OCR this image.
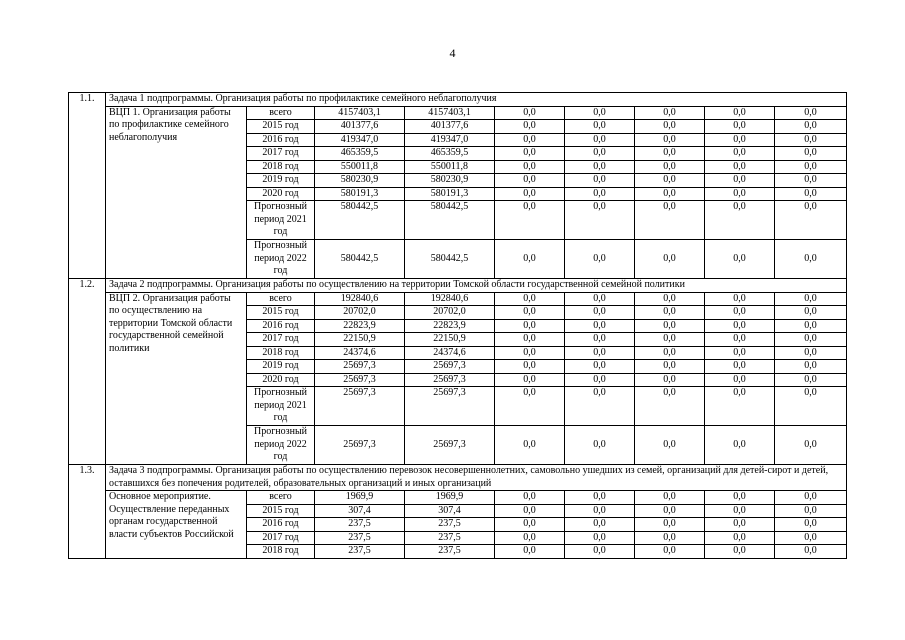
4
1.1.	Задача 1 подпрограммы. Организация работы по профилактике семейного неблагополучия								
	ВЦП 1. Организация работы по профилактике семейного неблагополучия	всего	4157403,1	4157403,1	0,0	0,0	0,0	0,0	0,0
		2015 год	401377,6	401377,6	0,0	0,0	0,0	0,0	0,0
		2016 год	419347,0	419347,0	0,0	0,0	0,0	0,0	0,0
		2017 год	465359,5	465359,5	0,0	0,0	0,0	0,0	0,0
		2018 год	550011,8	550011,8	0,0	0,0	0,0	0,0	0,0
		2019 год	580230,9	580230,9	0,0	0,0	0,0	0,0	0,0
		2020 год	580191,3	580191,3	0,0	0,0	0,0	0,0	0,0
		Прогнозный период 2021 год	580442,5	580442,5	0,0	0,0	0,0	0,0	0,0
		Прогнозный период 2022 год	580442,5	580442,5	0,0	0,0	0,0	0,0	0,0
1.2.	Задача 2 подпрограммы. Организация работы по осуществлению на территории Томской области государственной семейной политики								
	ВЦП 2. Организация работы по осуществлению на территории Томской области государственной семейной политики	всего	192840,6	192840,6	0,0	0,0	0,0	0,0	0,0
		2015 год	20702,0	20702,0	0,0	0,0	0,0	0,0	0,0
		2016 год	22823,9	22823,9	0,0	0,0	0,0	0,0	0,0
		2017 год	22150,9	22150,9	0,0	0,0	0,0	0,0	0,0
		2018 год	24374,6	24374,6	0,0	0,0	0,0	0,0	0,0
		2019 год	25697,3	25697,3	0,0	0,0	0,0	0,0	0,0
		2020 год	25697,3	25697,3	0,0	0,0	0,0	0,0	0,0
		Прогнозный период 2021 год	25697,3	25697,3	0,0	0,0	0,0	0,0	0,0
		Прогнозный период 2022 год	25697,3	25697,3	0,0	0,0	0,0	0,0	0,0
1.3.	Задача 3 подпрограммы. Организация работы по осуществлению перевозок несовершеннолетних, самовольно ушедших из семей, организаций для детей-сирот и детей, оставшихся без попечения родителей, образовательных организаций и иных организаций								
	Основное мероприятие. Осуществление переданных органам государственной власти субъектов Российской	всего	1969,9	1969,9	0,0	0,0	0,0	0,0	0,0
		2015 год	307,4	307,4	0,0	0,0	0,0	0,0	0,0
		2016 год	237,5	237,5	0,0	0,0	0,0	0,0	0,0
		2017 год	237,5	237,5	0,0	0,0	0,0	0,0	0,0
		2018 год	237,5	237,5	0,0	0,0	0,0	0,0	0,0
